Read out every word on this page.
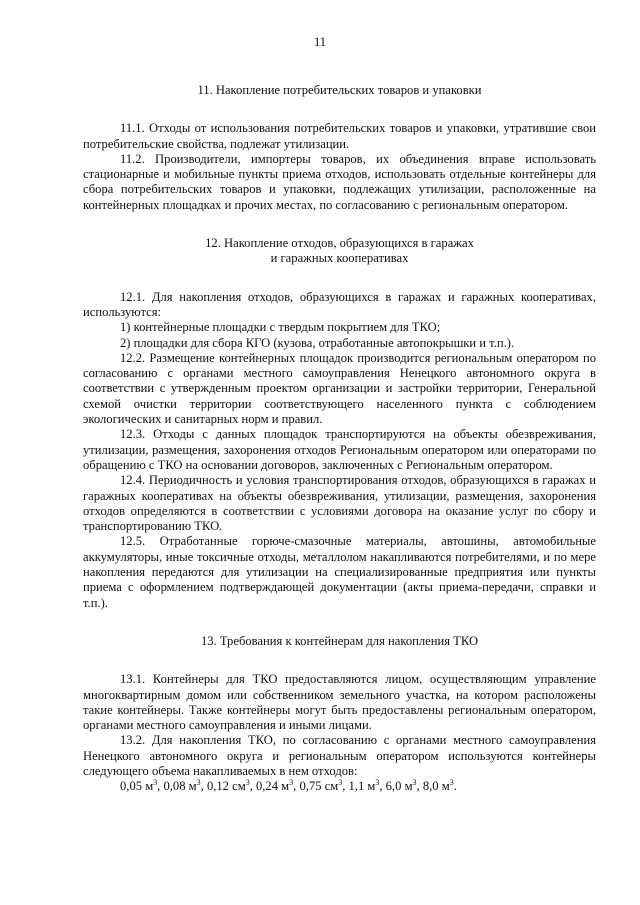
11

11. Накопление потребительских товаров и упаковки

11.1. Отходы от использования потребительских товаров и упаковки, утратившие свои потребительские свойства, подлежат утилизации.

11.2. Производители, импортеры товаров, их объединения вправе использовать стационарные и мобильные пункты приема отходов, использовать отдельные контейнеры для сбора потребительских товаров и упаковки, подлежащих утилизации, расположенные на контейнерных площадках и прочих местах, по согласованию с региональным оператором.

12. Накопление отходов, образующихся в гаражах

и гаражных кооперативах

12.1. Для накопления отходов, образующихся в гаражах и гаражных кооперативах, используются:

1) контейнерные площадки с твердым покрытием для ТКО;

2) площадки для сбора КГО (кузова, отработанные автопокрышки и т.п.).

12.2. Размещение контейнерных площадок производится региональным оператором по согласованию с органами местного самоуправления Ненецкого автономного округа в соответствии с утвержденным проектом организации и застройки территории, Генеральной схемой очистки территории соответствующего населенного пункта с соблюдением экологических и санитарных норм и правил.

12.3. Отходы с данных площадок транспортируются на объекты обезвреживания, утилизации, размещения, захоронения отходов Региональным оператором или операторами по обращению с ТКО на основании договоров, заключенных с Региональным оператором.

12.4. Периодичность и условия транспортирования отходов, образующихся в гаражах и гаражных кооперативах на объекты обезвреживания, утилизации, размещения, захоронения отходов определяются в соответствии с условиями договора на оказание услуг по сбору и транспортированию ТКО.

12.5. Отработанные горюче-смазочные материалы, автошины, автомобильные аккумуляторы, иные токсичные отходы, металлолом накапливаются потребителями, и по мере накопления передаются для утилизации на специализированные предприятия или пункты приема с оформлением подтверждающей документации (акты приема-передачи, справки и т.п.).

13. Требования к контейнерам для накопления ТКО

13.1. Контейнеры для ТКО предоставляются лицом, осуществляющим управление многоквартирным домом или собственником земельного участка, на котором расположены такие контейнеры. Также контейнеры могут быть предоставлены региональным оператором, органами местного самоуправления и иными лицами.

13.2. Для накопления ТКО, по согласованию с органами местного самоуправления Ненецкого автономного округа и региональным оператором используются контейнеры следующего объема накапливаемых в нем отходов:

0,05 $м^3$, 0,08 $м^3$, 0,12 $см^3$, 0,24 $м^3$, 0,75 $см^3$, 1,1 $м^3$, 6,0 $м^3$, 8,0 $м^3$.
